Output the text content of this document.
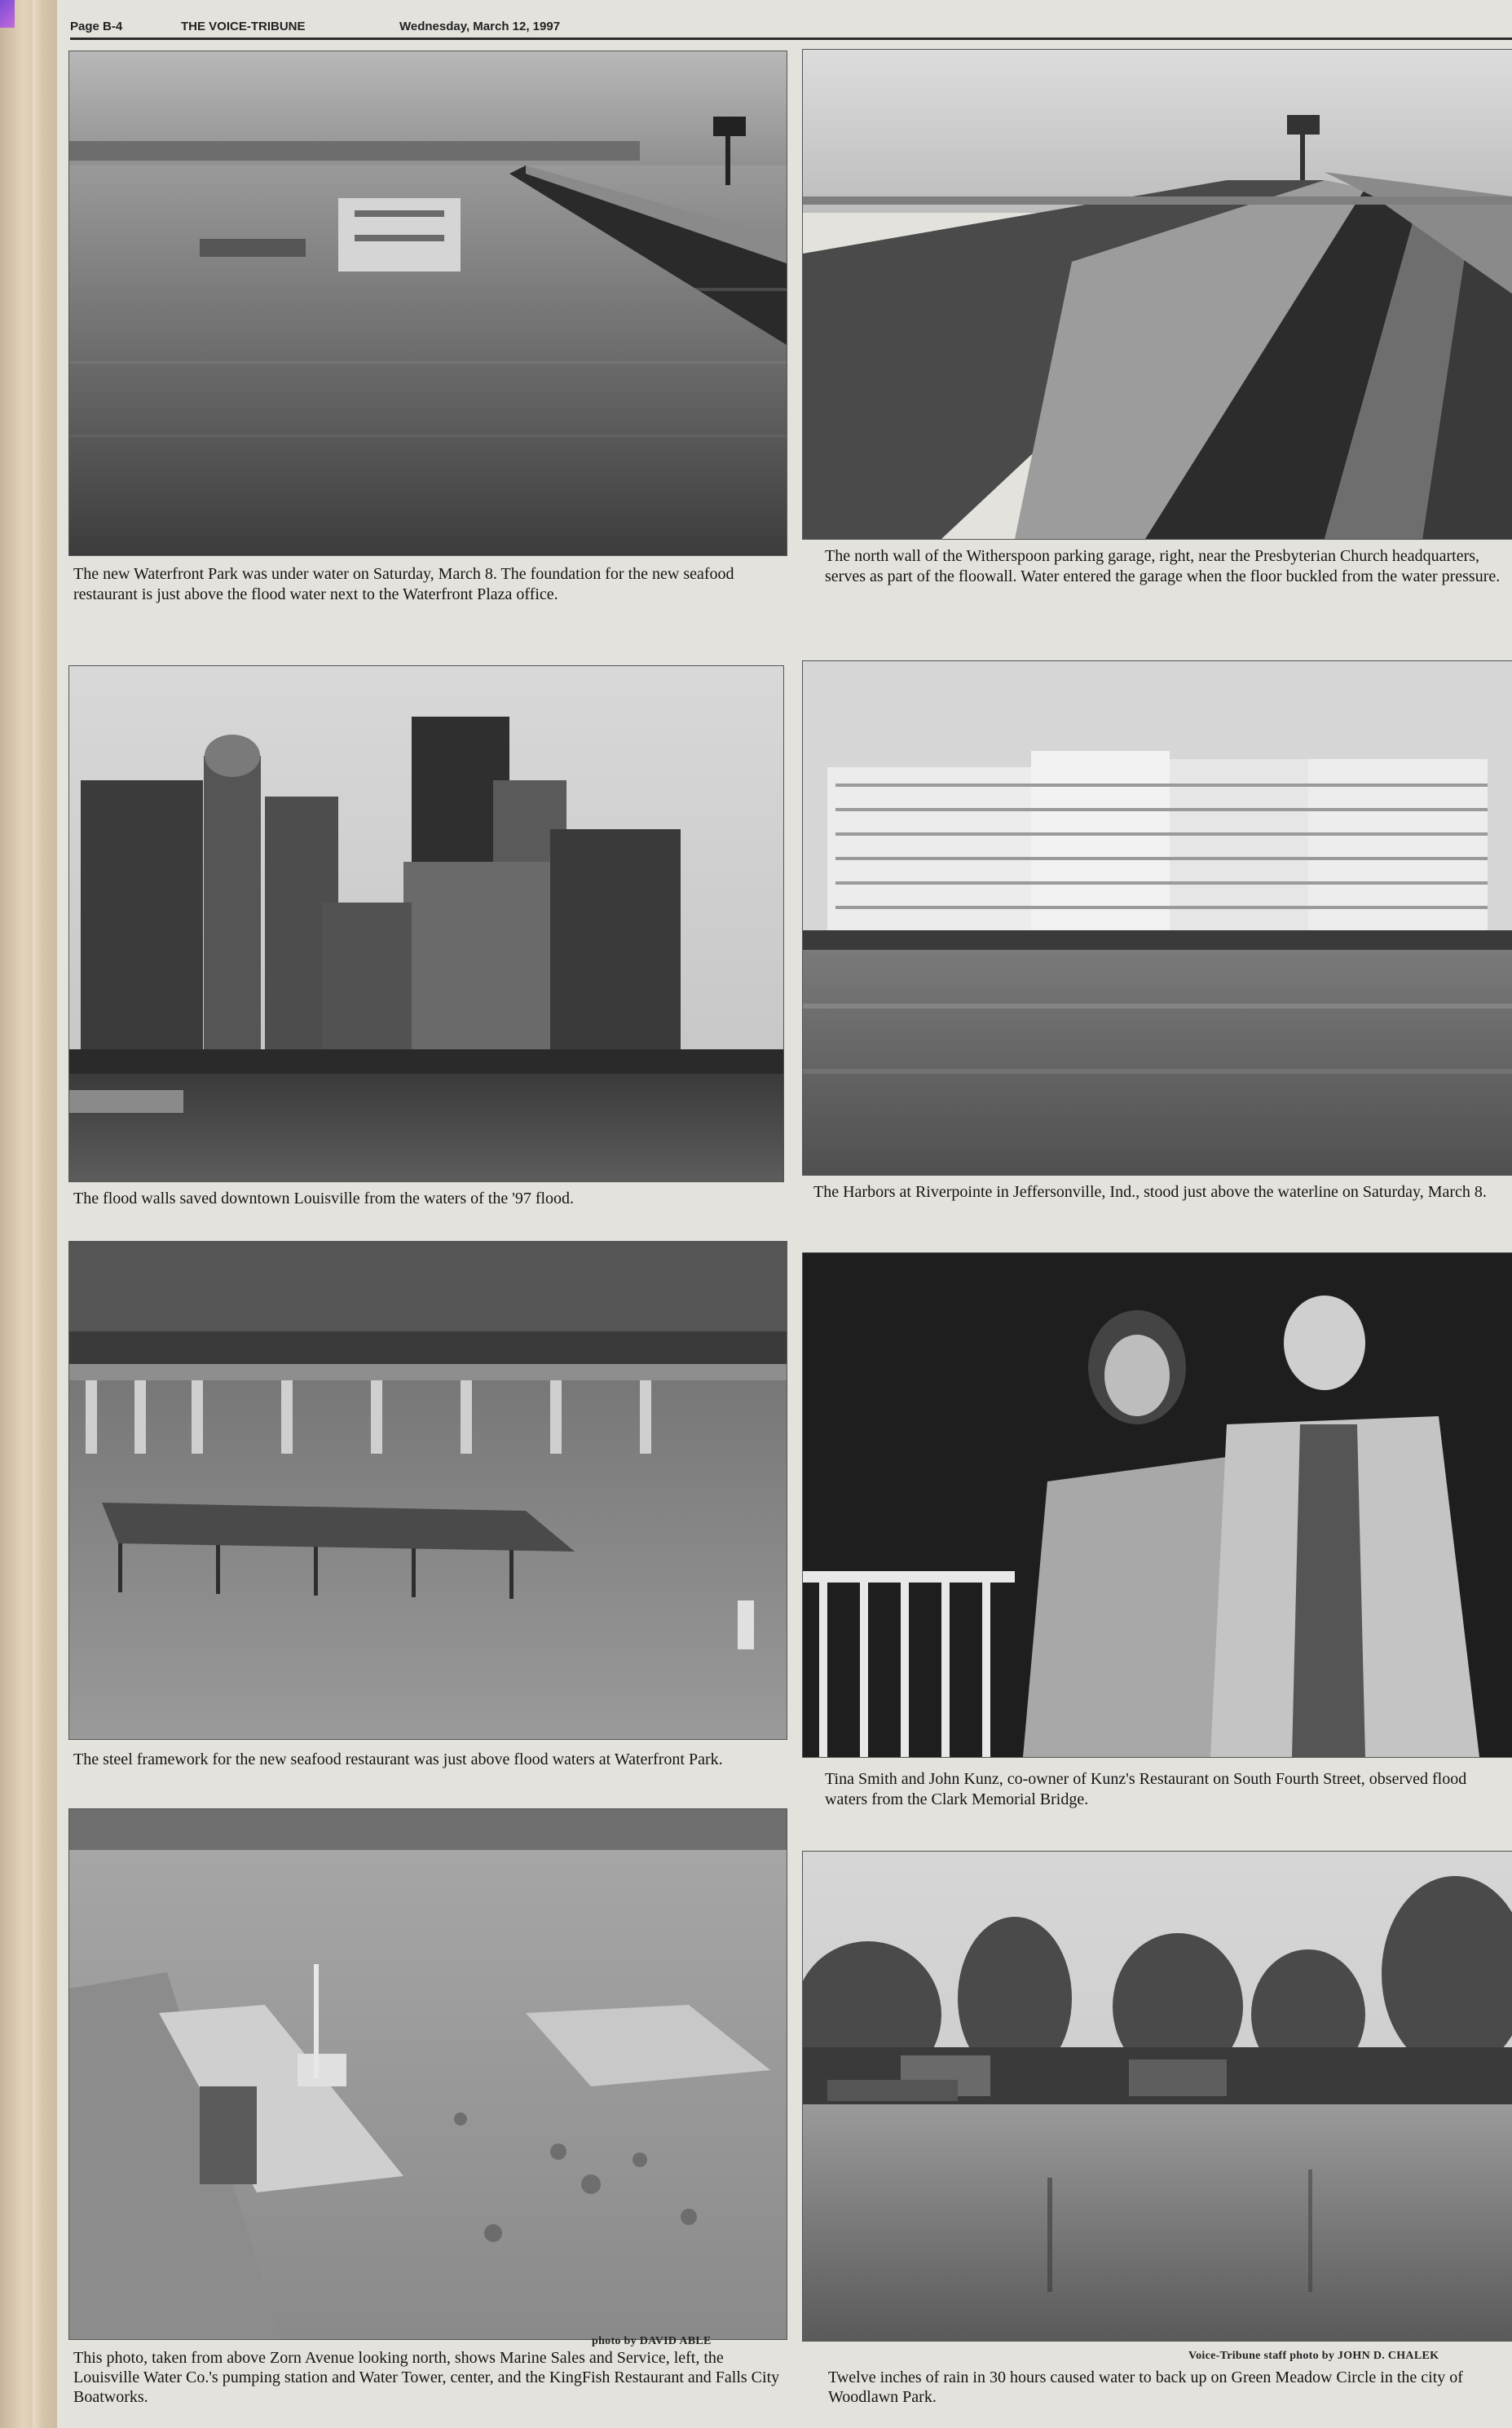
Page B-4	THE VOICE-TRIBUNE	Wednesday, March 12, 1997
The new Waterfront Park was under water on Saturday, March 8. The foundation for the new seafood restaurant is just above the flood water next to the Waterfront Plaza office.
The north wall of the Witherspoon parking garage, right, near the Presbyterian Church headquarters, serves as part of the floowall. Water entered the garage when the floor buckled from the water pressure.
The flood walls saved downtown Louisville from the waters of the '97 flood.	The Harbors at Riverpointe in Jeffersonville, Ind., stood just above the waterline on Saturday, March 8.
The steel framework for the new seafood restaurant was just above flood waters at Waterfront Park.
Tina Smith and John Kunz, co-owner of Kunz's Restaurant on South Fourth Street, observed flood waters from the Clark Memorial Bridge.
photo by DAVID ABLE
This photo, taken from above Zorn Avenue looking north, shows Marine Sales and Service, left, the Louisville Water Co.'s pumping station and Water Tower, center, and the KingFish Restaurant and Falls City Boatworks.
Voice-Tribune staff photo by JOHN D. CHALEK
Twelve inches of rain in 30 hours caused water to back up on Green Meadow Circle in the city of Woodlawn Park.
